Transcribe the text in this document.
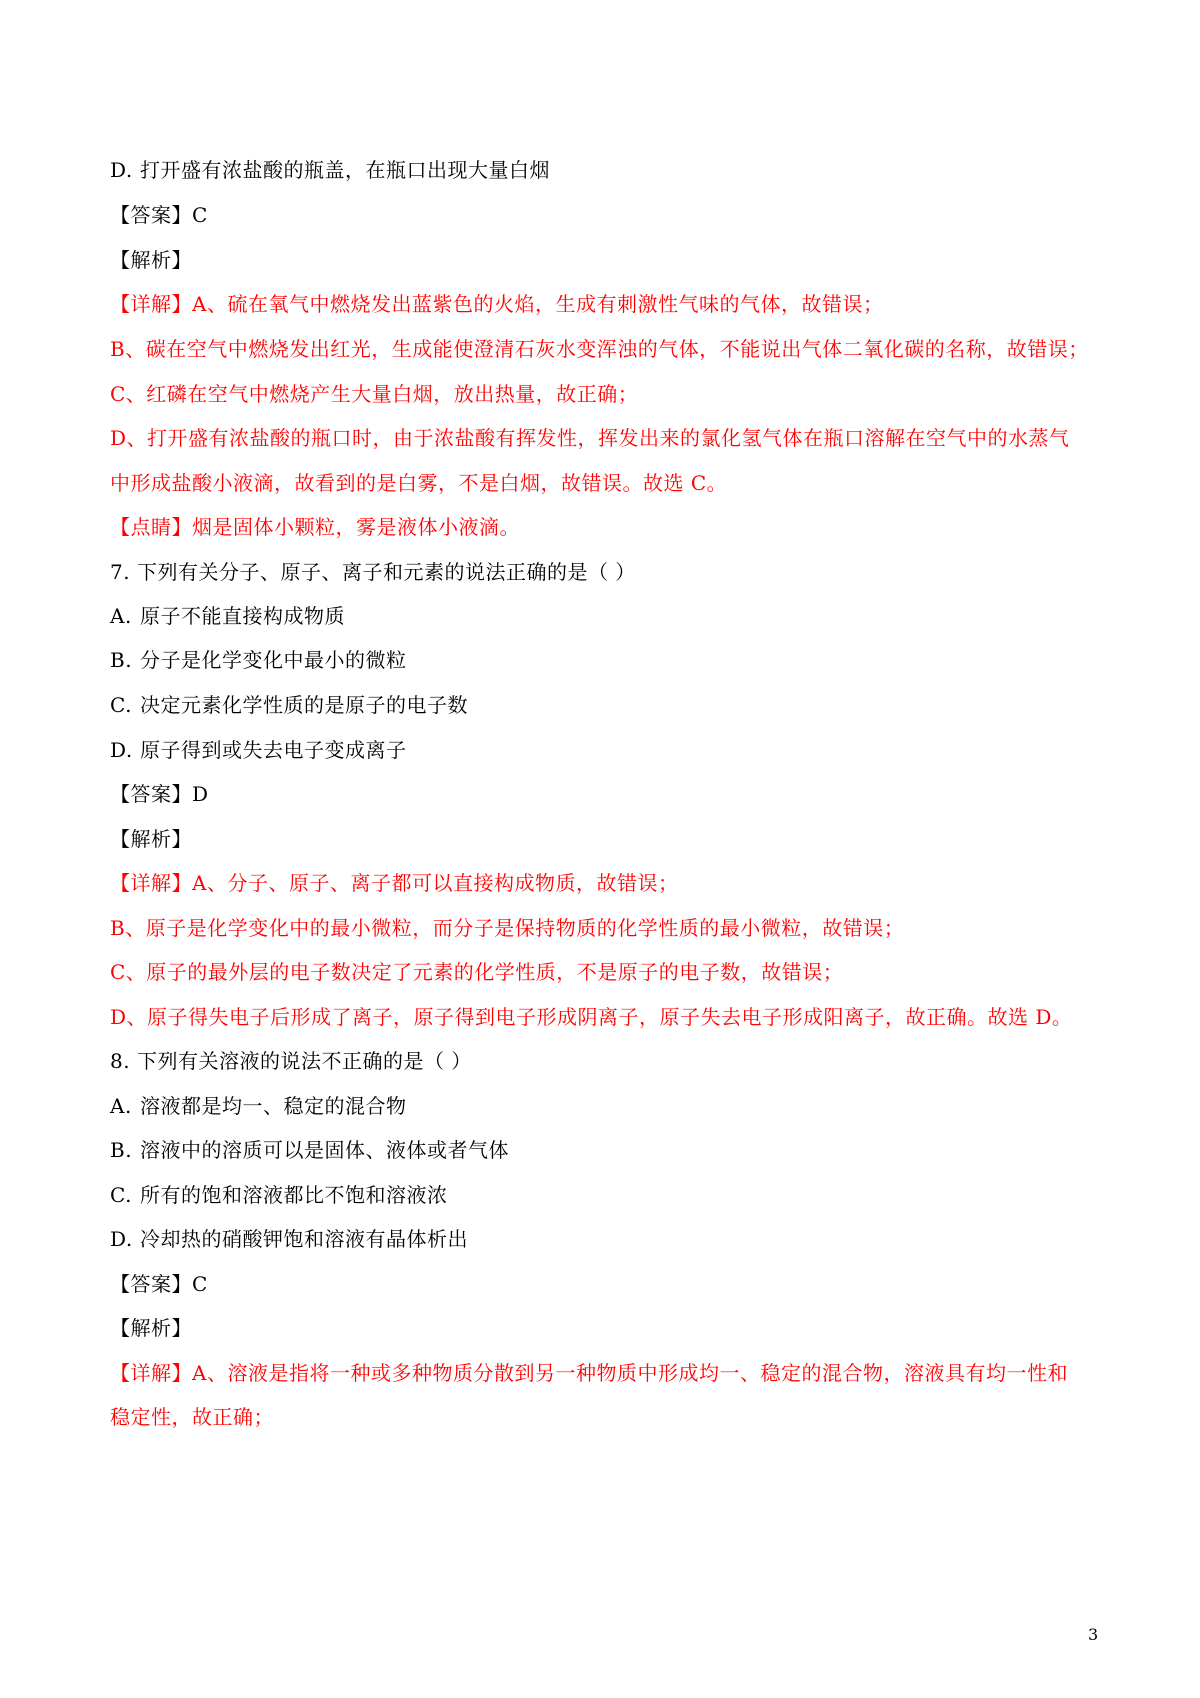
D. 打开盛有浓盐酸的瓶盖，在瓶口出现大量白烟
【答案】C
【解析】
【详解】A、硫在氧气中燃烧发出蓝紫色的火焰，生成有刺激性气味的气体，故错误；
B、碳在空气中燃烧发出红光，生成能使澄清石灰水变浑浊的气体，不能说出气体二氧化碳的名称，故错误；
C、红磷在空气中燃烧产生大量白烟，放出热量，故正确；
D、打开盛有浓盐酸的瓶口时，由于浓盐酸有挥发性，挥发出来的氯化氢气体在瓶口溶解在空气中的水蒸气
中形成盐酸小液滴，故看到的是白雾，不是白烟，故错误。故选 C。
【点睛】烟是固体小颗粒，雾是液体小液滴。
7. 下列有关分子、原子、离子和元素的说法正确的是（ ）
A. 原子不能直接构成物质
B. 分子是化学变化中最小的微粒
C. 决定元素化学性质的是原子的电子数
D. 原子得到或失去电子变成离子
【答案】D
【解析】
【详解】A、分子、原子、离子都可以直接构成物质，故错误；
B、原子是化学变化中的最小微粒，而分子是保持物质的化学性质的最小微粒，故错误；
C、原子的最外层的电子数决定了元素的化学性质，不是原子的电子数，故错误；
D、原子得失电子后形成了离子，原子得到电子形成阴离子，原子失去电子形成阳离子，故正确。故选 D。
8. 下列有关溶液的说法不正确的是（ ）
A. 溶液都是均一、稳定的混合物
B. 溶液中的溶质可以是固体、液体或者气体
C. 所有的饱和溶液都比不饱和溶液浓
D. 冷却热的硝酸钾饱和溶液有晶体析出
【答案】C
【解析】
【详解】A、溶液是指将一种或多种物质分散到另一种物质中形成均一、稳定的混合物，溶液具有均一性和
稳定性，故正确；
3
